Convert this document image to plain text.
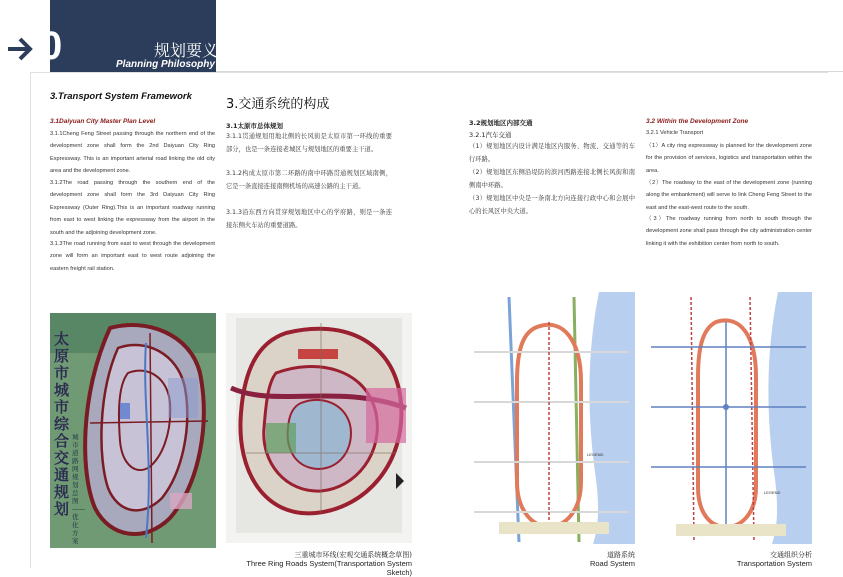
0	规划要义
Planning Philosophy
3.Transport System Framework
3.1Daiyuan City Master Plan Level
3.1.1Cheng Feng Street passing through the northern end of the development zone shall form the 2nd Daiyuan City Ring Expressway. This is an important arterial road linking the old city area and the development zone.
3.1.2The road passing through the southern end of the development zone shall form the 3rd Daiyuan City Ring Expressway (Outer Ring).This is an important roadway running from east to west linking the expressway from the airport in the south and the adjoining development zone.
3.1.3The road running from east to west through the development zone will form an important east to west route adjoining the eastern freight rail station.
3.交通系统的构成
3.1太原市总体规划
3.1.1贯通规划用地北侧的长风街是太原市第一环线的重要部分，也是一条连接老城区与规划地区的重要主干道。
3.1.2构成太原市第二环路的南中环路贯通规划区域南侧，它是一条直接连接南侧机场的高速公路的主干道。
3.1.3沿东西方向贯穿规划地区中心的学府路，则是一条连接东侧火车站的重要道路。
3.2规划地区内部交通
3.2.1汽车交通
（1）规划地区内设计满足地区内服务、物流、交通等的车行环路。
（2）规划地区东侧沿堤防的滨河西路连接北侧长风街和南侧南中环路。
（3）规划地区中央是一条南北方向连接行政中心和会展中心的长风区中央大道。
3.2 Within the Development Zone
3.2.1 Vehicle Transport
（1）A city ring expressway is planned for the development zone for the provision of services, logistics and transportation within the area.
（2）The roadway to the east of the development zone (running along the embankment) will serve to link Cheng Feng Street to the east and the east-west route to the south.
（3）The roadway running from north to south through the development zone shall pass through the city administration center linking it with the exhibition center from north to south.
太原市城市综合交通规划
城市道路网规划总图——优化方案
三重城市环线(宏观交通系统概念草图)
Three Ring Roads System(Transportation System Sketch)
LEGEND
道路系统
Road System
LEGEND
交通组织分析
Transportation System
